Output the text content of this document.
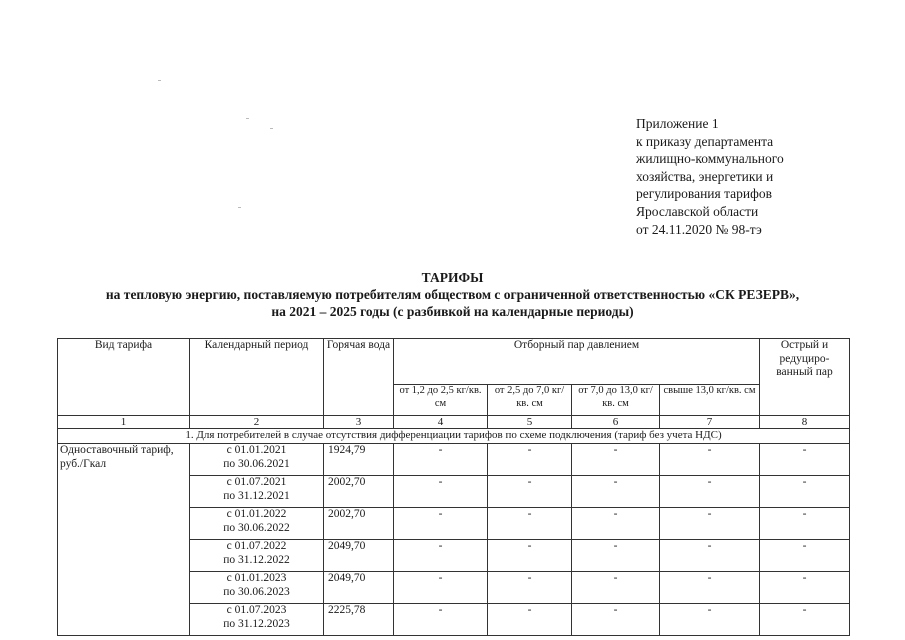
Приложение 1
к приказу департамента
жилищно-коммунального
хозяйства, энергетики и
регулирования тарифов
Ярославской области
от 24.11.2020 № 98-тэ
ТАРИФЫ
на тепловую энергию, поставляемую потребителям обществом с ограниченной ответственностью «СК РЕЗЕРВ»,
на 2021 – 2025 годы (с разбивкой на календарные периоды)
Вид тарифа	Календарный период	Горячая вода	Отборный пар давлением				Острый и редуциро-ванный пар
			от 1,2 до 2,5 кг/кв. см	от 2,5 до 7,0 кг/кв. см	от 7,0 до 13,0 кг/кв. см	свыше 13,0 кг/кв. см	
1	2	3	4	5	6	7	8
1. Для потребителей в случае отсутствия дифференциации тарифов по схеме подключения (тариф без учета НДС)							
Одноставочный тариф, руб./Гкал	с 01.01.2021
по 30.06.2021	1924,79	-	-	-	-	-

	с 01.07.2021
по 31.12.2021	2002,70	-	-	-	-	-

	с 01.01.2022
по 30.06.2022	2002,70	-	-	-	-	-

	с 01.07.2022
по 31.12.2022	2049,70	-	-	-	-	-

	с 01.01.2023
по 30.06.2023	2049,70	-	-	-	-	-

	с 01.07.2023
по 31.12.2023	2225,78	-	-	-	-	-
